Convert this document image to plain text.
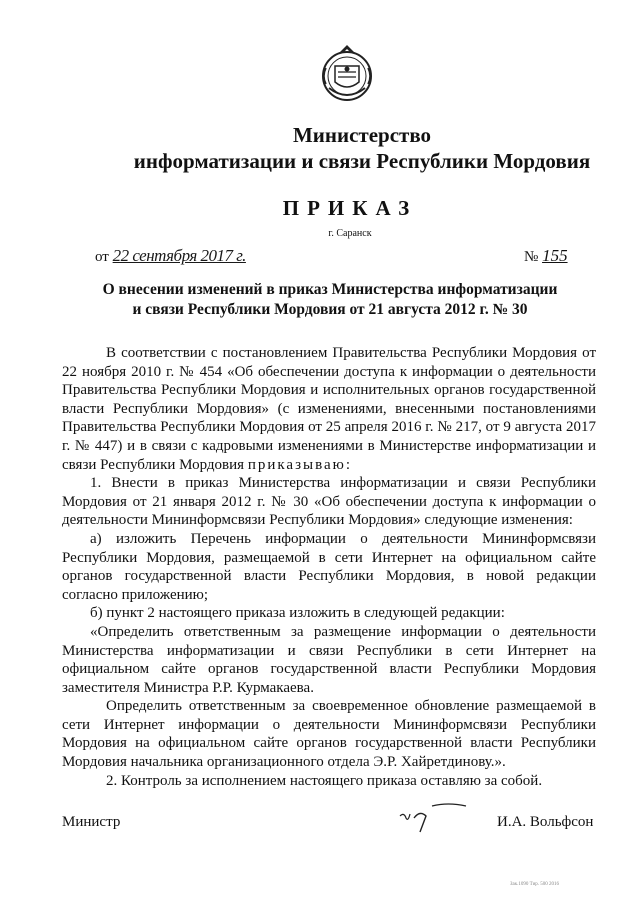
Министерство
информатизации и связи Республики Мордовия
ПРИКАЗ
г. Саранск
от 22 сентября 2017 г.	№ 155
О внесении изменений в приказ Министерства информатизации
и связи Республики Мордовия от 21 августа 2012 г. № 30

В соответствии с постановлением Правительства Республики Мордовия от 22 ноября 2010 г. № 454 «Об обеспечении доступа к информации о деятельности Правительства Республики Мордовия и исполнительных органов государственной власти Республики Мордовия» (с изменениями, внесенными постановлениями Правительства Республики Мордовия от 25 апреля 2016 г. № 217, от 9 августа 2017 г. № 447) и в связи с кадровыми изменениями в Министерстве информатизации и связи Республики Мордовия приказываю:

1. Внести в приказ Министерства информатизации и связи Республики Мордовия от 21 января 2012 г. № 30 «Об обеспечении доступа к информации о деятельности Мининформсвязи Республики Мордовия» следующие изменения:

а) изложить Перечень информации о деятельности Мининформсвязи Республики Мордовия, размещаемой в сети Интернет на официальном сайте органов государственной власти Республики Мордовия, в новой редакции согласно приложению;

б) пункт 2 настоящего приказа изложить в следующей редакции:

«Определить ответственным за размещение информации о деятельности Министерства информатизации и связи Республики в сети Интернет на официальном сайте органов государственной власти Республики Мордовия заместителя Министра Р.Р. Курмакаева.

Определить ответственным за своевременное обновление размещаемой в сети Интернет информации о деятельности Мининформсвязи Республики Мордовия на официальном сайте органов государственной власти Республики Мордовия начальника организационного отдела Э.Р. Хайретдинову.».

2. Контроль за исполнением настоящего приказа оставляю за собой.

Министр	И.А. Вольфсон
Зак.1090 Тир. 500 2016
